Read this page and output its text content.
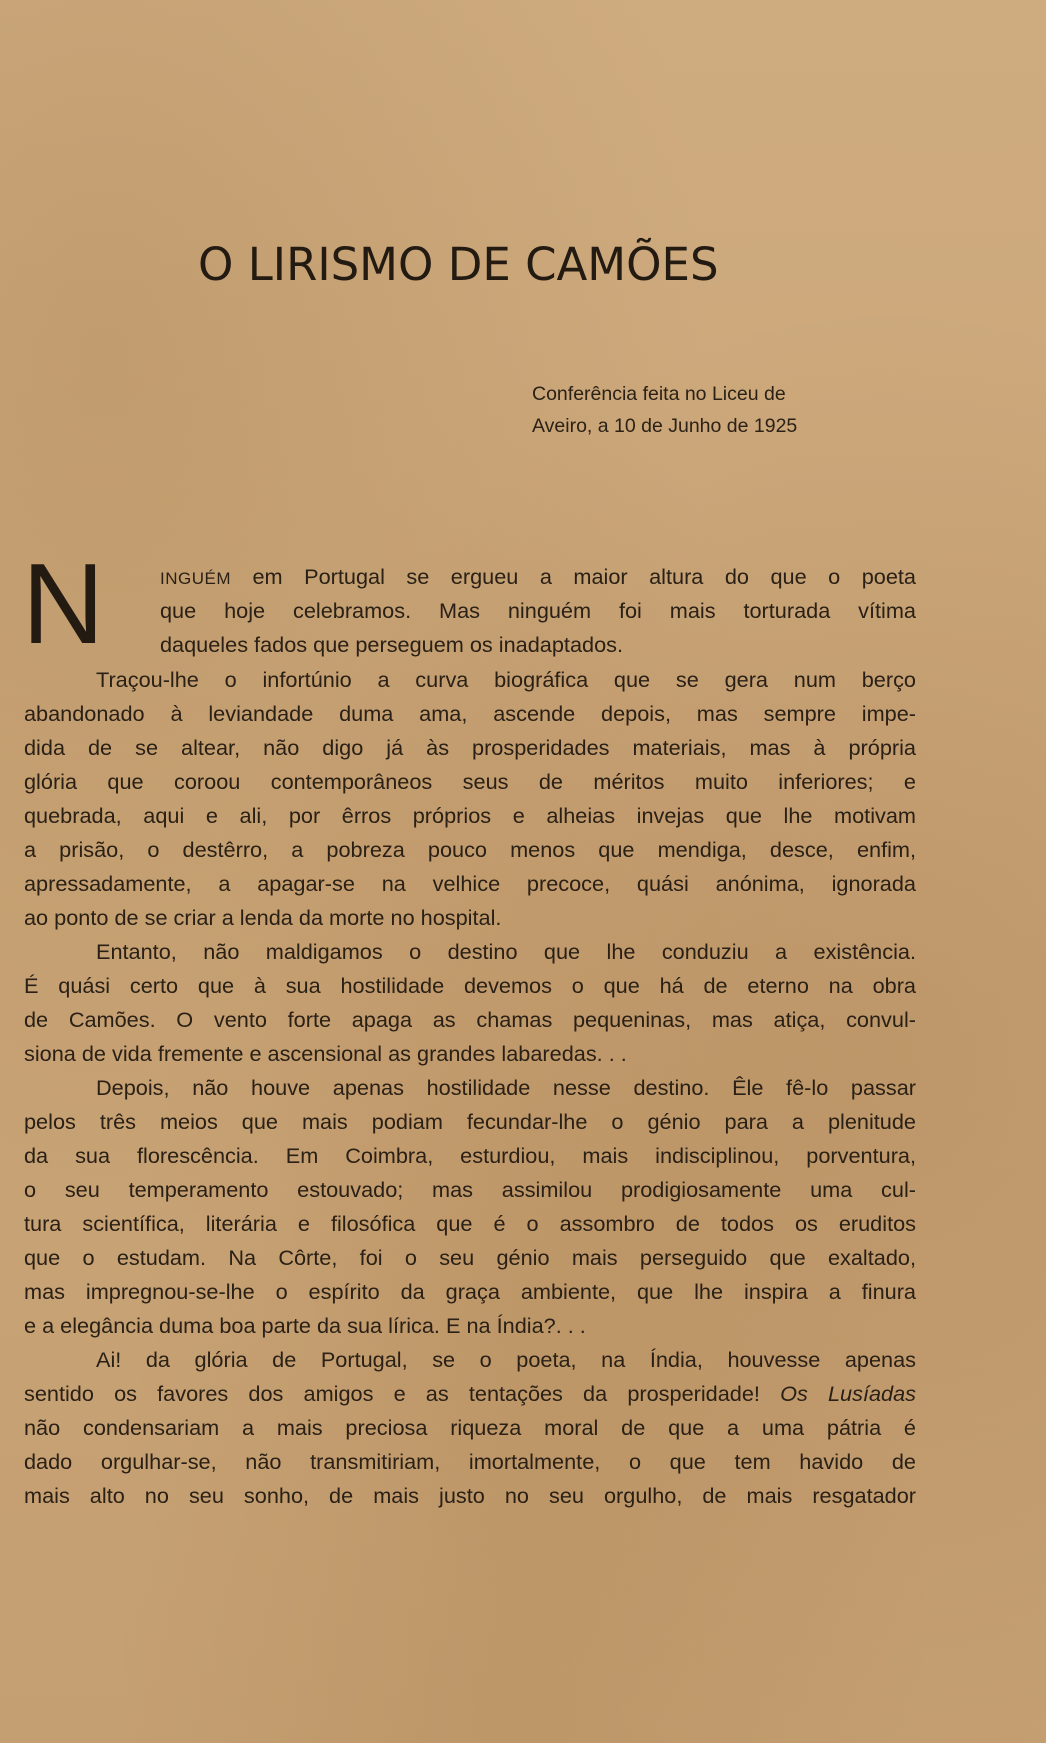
O LIRISMO DE CAMÕES
Conferência feita no Liceu de
Aveiro, a 10 de Junho de 1925
N	INGUÉM em Portugal se ergueu a maior altura do que o poeta
que hoje celebramos. Mas ninguém foi mais torturada vítima
daqueles fados que perseguem os inadaptados.
Traçou-lhe o infortúnio a curva biográfica que se gera num berço
abandonado à leviandade duma ama, ascende depois, mas sempre impe-
dida de se altear, não digo já às prosperidades materiais, mas à própria
glória que coroou contemporâneos seus de méritos muito inferiores; e
quebrada, aqui e ali, por êrros próprios e alheias invejas que lhe motivam
a prisão, o destêrro, a pobreza pouco menos que mendiga, desce, enfim,
apressadamente, a apagar-se na velhice precoce, quási anónima, ignorada
ao ponto de se criar a lenda da morte no hospital.
Entanto, não maldigamos o destino que lhe conduziu a existência.
É quási certo que à sua hostilidade devemos o que há de eterno na obra
de Camões. O vento forte apaga as chamas pequeninas, mas atiça, convul-
siona de vida fremente e ascensional as grandes labaredas. . .
Depois, não houve apenas hostilidade nesse destino. Êle fê-lo passar
pelos três meios que mais podiam fecundar-lhe o génio para a plenitude
da sua florescência. Em Coimbra, esturdiou, mais indisciplinou, porventura,
o seu temperamento estouvado; mas assimilou prodigiosamente uma cul-
tura scientífica, literária e filosófica que é o assombro de todos os eruditos
que o estudam. Na Côrte, foi o seu génio mais perseguido que exaltado,
mas impregnou-se-lhe o espírito da graça ambiente, que lhe inspira a finura
e a elegância duma boa parte da sua lírica. E na Índia?. . .
Ai! da glória de Portugal, se o poeta, na Índia, houvesse apenas
sentido os favores dos amigos e as tentações da prosperidade! Os Lusíadas
não condensariam a mais preciosa riqueza moral de que a uma pátria é
dado orgulhar-se, não transmitiriam, imortalmente, o que tem havido de
mais alto no seu sonho, de mais justo no seu orgulho, de mais resgatador
